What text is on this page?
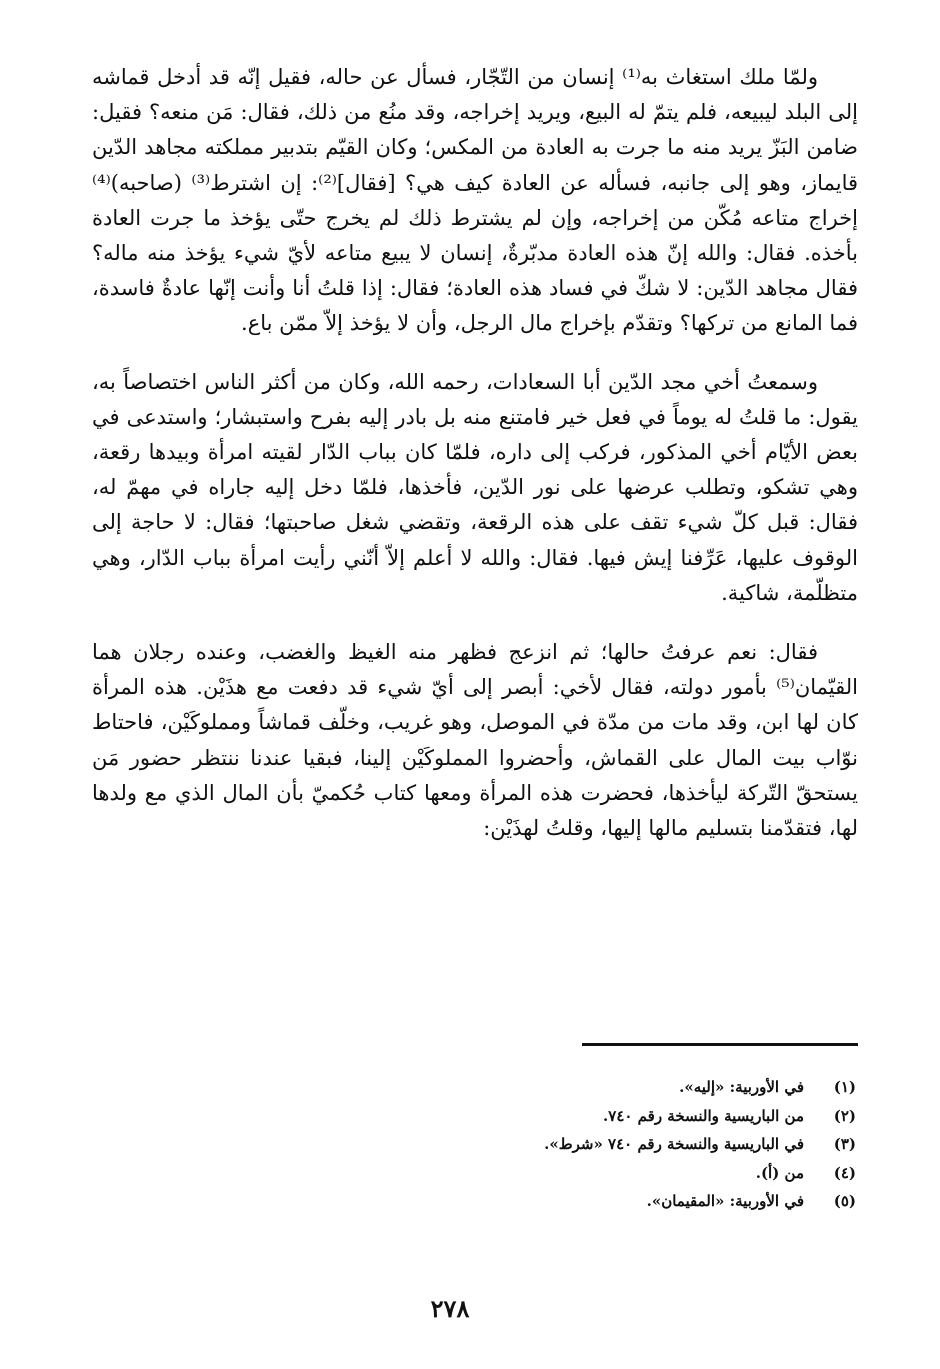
ولمّا ملك استغاث به⁽¹⁾ إنسان من التّجّار، فسأل عن حاله، فقيل إنّه قد أدخل قماشه إلى البلد ليبيعه، فلم يتمّ له البيع، ويريد إخراجه، وقد منُع من ذلك، فقال: مَن منعه؟ فقيل: ضامن البَزّ يريد منه ما جرت به العادة من المكس؛ وكان القيّم بتدبير مملكته مجاهد الدّين قايماز، وهو إلى جانبه، فسأله عن العادة كيف هي؟ [فقال]⁽²⁾: إن اشترط⁽³⁾ (صاحبه)⁽⁴⁾ إخراج متاعه مُكّن من إخراجه، وإن لم يشترط ذلك لم يخرج حتّى يؤخذ ما جرت العادة بأخذه. فقال: والله إنّ هذه العادة مدبّرةٌ، إنسان لا يبيع متاعه لأيّ شيء يؤخذ منه ماله؟ فقال مجاهد الدّين: لا شكّ في فساد هذه العادة؛ فقال: إذا قلتُ أنا وأنت إنّها عادةٌ فاسدة، فما المانع من تركها؟ وتقدّم بإخراج مال الرجل، وأن لا يؤخذ إلاّ ممّن باع.

وسمعتُ أخي مجد الدّين أبا السعادات، رحمه الله، وكان من أكثر الناس اختصاصاً به، يقول: ما قلتُ له يوماً في فعل خير فامتنع منه بل بادر إليه بفرح واستبشار؛ واستدعى في بعض الأيّام أخي المذكور، فركب إلى داره، فلمّا كان بباب الدّار لقيته امرأة وبيدها رقعة، وهي تشكو، وتطلب عرضها على نور الدّين، فأخذها، فلمّا دخل إليه جاراه في مهمّ له، فقال: قبل كلّ شيء تقف على هذه الرقعة، وتقضي شغل صاحبتها؛ فقال: لا حاجة إلى الوقوف عليها، عَرِّفنا إيش فيها. فقال: والله لا أعلم إلاّ أنّني رأيت امرأة بباب الدّار، وهي متظلّمة، شاكية.

فقال: نعم عرفتُ حالها؛ ثم انزعج فظهر منه الغيظ والغضب، وعنده رجلان هما القيّمان⁽⁵⁾ بأمور دولته، فقال لأخي: أبصر إلى أيّ شيء قد دفعت مع هذَيْن. هذه المرأة كان لها ابن، وقد مات من مدّة في الموصل، وهو غريب، وخلّف قماشاً ومملوكَيْن، فاحتاط نوّاب بيت المال على القماش، وأحضروا المملوكَيْن إلينا، فبقيا عندنا ننتظر حضور مَن يستحقّ التّركة ليأخذها، فحضرت هذه المرأة ومعها كتاب حُكميّ بأن المال الذي مع ولدها لها، فتقدّمنا بتسليم مالها إليها، وقلتُ لهذَيْن:

(١)
في الأوربية: «إليه».
(٢)
من الباريسية والنسخة رقم ٧٤٠.
(٣)
في الباريسية والنسخة رقم ٧٤٠ «شرط».
(٤)
من (أ).
(٥)
في الأوربية: «المقيمان».
٢٧٨
